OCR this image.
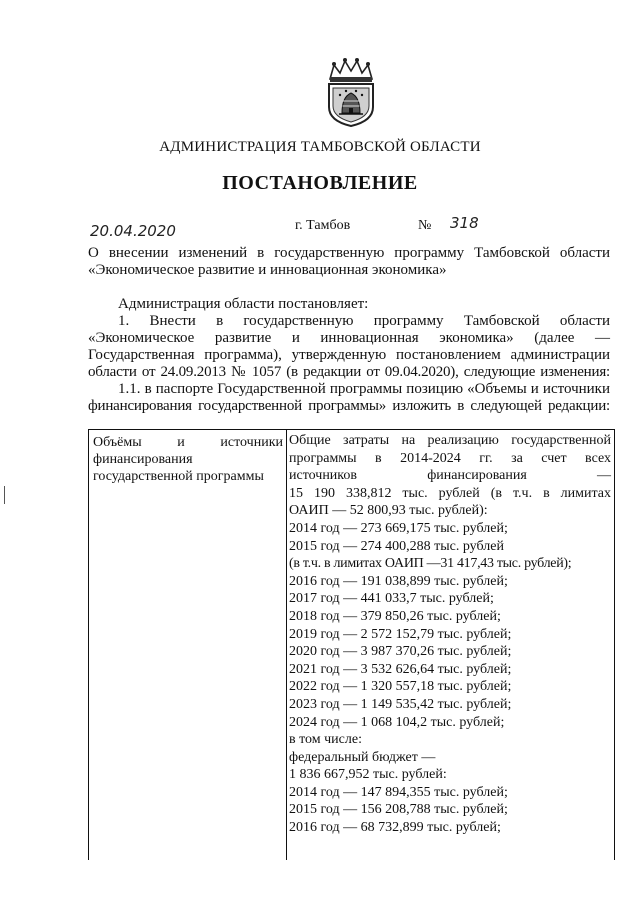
АДМИНИСТРАЦИЯ ТАМБОВСКОЙ ОБЛАСТИ
ПОСТАНОВЛЕНИЕ
20.04.2020	г. Тамбов	№ 318
О внесении изменений в государственную программу Тамбовской области
«Экономическое развитие и инновационная экономика»
Администрация области постановляет:
1. Внести в государственную программу Тамбовской области
«Экономическое развитие и инновационная экономика» (далее —
Государственная программа), утвержденную постановлением администрации
области от 24.09.2013 № 1057 (в редакции от 09.04.2020), следующие изменения:
1.1. в паспорте Государственной программы позицию «Объемы и источники
финансирования государственной программы» изложить в следующей редакции:
Объёмы и источники
финансирования
государственной программы
Общие затраты на реализацию государственной
программы в 2014-2024 гг. за счет всех
источников финансирования —
15 190 338,812 тыс. рублей (в т.ч. в лимитах
ОАИП — 52 800,93 тыс. рублей):
2014 год — 273 669,175 тыс. рублей;
2015 год — 274 400,288 тыс. рублей
(в т.ч. в лимитах ОАИП —31 417,43 тыс. рублей);
2016 год — 191 038,899 тыс. рублей;
2017 год — 441 033,7 тыс. рублей;
2018 год — 379 850,26 тыс. рублей;
2019 год — 2 572 152,79 тыс. рублей;
2020 год — 3 987 370,26 тыс. рублей;
2021 год — 3 532 626,64 тыс. рублей;
2022 год — 1 320 557,18 тыс. рублей;
2023 год — 1 149 535,42 тыс. рублей;
2024 год — 1 068 104,2 тыс. рублей;
в том числе:
федеральный бюджет —
1 836 667,952 тыс. рублей:
2014 год — 147 894,355 тыс. рублей;
2015 год — 156 208,788 тыс. рублей;
2016 год — 68 732,899 тыс. рублей;
